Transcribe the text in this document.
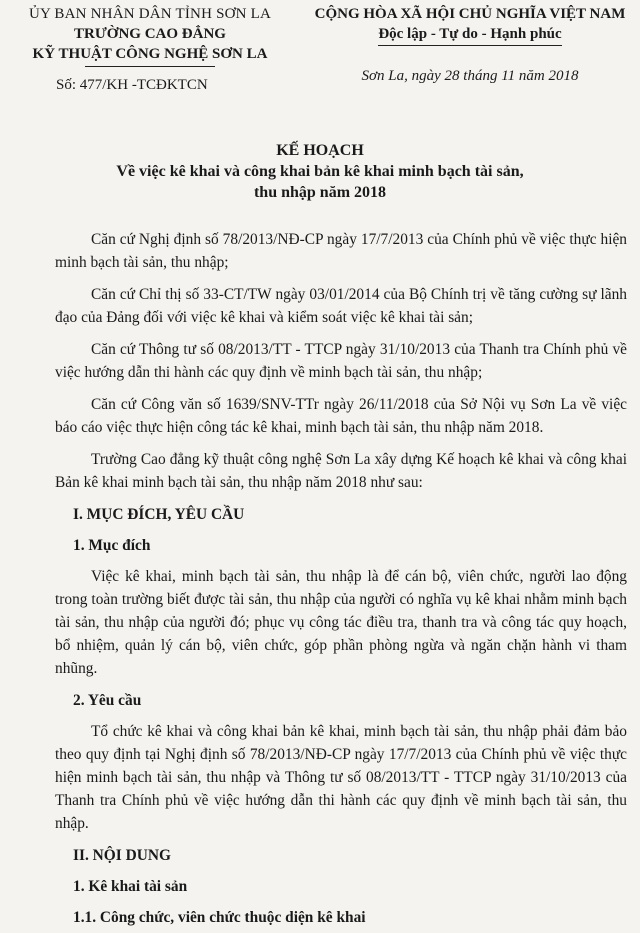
ỦY BAN NHÂN DÂN TỈNH SƠN LA
TRƯỜNG CAO ĐẲNG
KỸ THUẬT CÔNG NGHỆ SƠN LA
Số: 477/KH -TCĐKTCN
CỘNG HÒA XÃ HỘI CHỦ NGHĨA VIỆT NAM
Độc lập - Tự do - Hạnh phúc
Sơn La, ngày 28 tháng 11 năm 2018
KẾ HOẠCH
Về việc kê khai và công khai bản kê khai minh bạch tài sản,
thu nhập năm 2018

Căn cứ Nghị định số 78/2013/NĐ-CP ngày 17/7/2013 của Chính phủ về việc thực hiện minh bạch tài sản, thu nhập;

Căn cứ Chỉ thị số 33-CT/TW ngày 03/01/2014 của Bộ Chính trị về tăng cường sự lãnh đạo của Đảng đối với việc kê khai và kiểm soát việc kê khai tài sản;

Căn cứ Thông tư số 08/2013/TT - TTCP ngày 31/10/2013 của Thanh tra Chính phủ về việc hướng dẫn thi hành các quy định về minh bạch tài sản, thu nhập;

Căn cứ Công văn số 1639/SNV-TTr ngày 26/11/2018 của Sở Nội vụ Sơn La về việc báo cáo việc thực hiện công tác kê khai, minh bạch tài sản, thu nhập năm 2018.

Trường Cao đẳng kỹ thuật công nghệ Sơn La xây dựng Kế hoạch kê khai và công khai Bản kê khai minh bạch tài sản, thu nhập năm 2018 như sau:

I. MỤC ĐÍCH, YÊU CẦU
1. Mục đích

Việc kê khai, minh bạch tài sản, thu nhập là để cán bộ, viên chức, người lao động trong toàn trường biết được tài sản, thu nhập của người có nghĩa vụ kê khai nhằm minh bạch tài sản, thu nhập của người đó; phục vụ công tác điều tra, thanh tra và công tác quy hoạch, bổ nhiệm, quản lý cán bộ, viên chức, góp phần phòng ngừa và ngăn chặn hành vi tham nhũng.

2. Yêu cầu

Tổ chức kê khai và công khai bản kê khai, minh bạch tài sản, thu nhập phải đảm bảo theo quy định tại Nghị định số 78/2013/NĐ-CP ngày 17/7/2013 của Chính phủ về việc thực hiện minh bạch tài sản, thu nhập và Thông tư số 08/2013/TT - TTCP ngày 31/10/2013 của Thanh tra Chính phủ về việc hướng dẫn thi hành các quy định về minh bạch tài sản, thu nhập.

II. NỘI DUNG
1. Kê khai tài sản
1.1. Công chức, viên chức thuộc diện kê khai
